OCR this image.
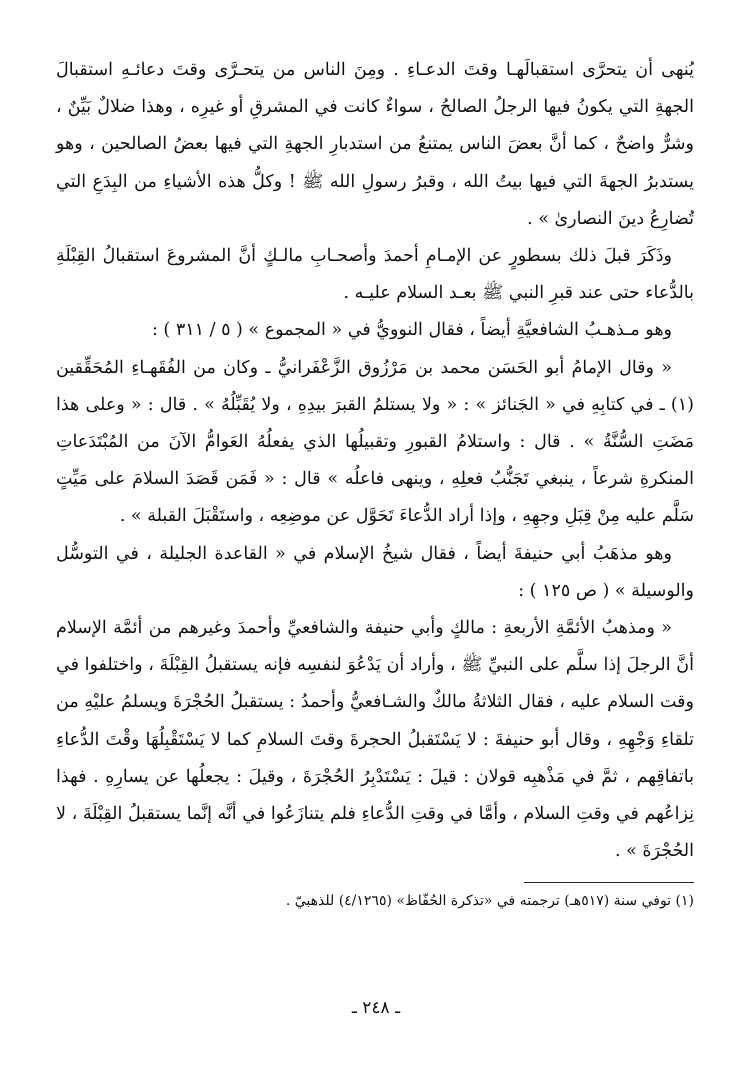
يُنهى أن يتحرَّى استقبالَهـا وقتَ الدعـاءِ . ومِنَ الناس من يتحـرَّى وقتَ دعائـهِ استقبالَ الجهةِ التي يكونُ فيها الرجلُ الصالحُ ، سواءٌ كانت في المشرقِ أو غيرِه ، وهذا ضلالٌ بَيِّنٌ ، وشرٌّ واضحٌ ، كما أنَّ بعضَ الناس يمتنعُ من استدبارِ الجهةِ التي فيها بعضُ الصالحين ، وهو يستدبرُ الجهةَ التي فيها بيتُ الله ، وقبرُ رسولِ الله ﷺ ! وكلُّ هذه الأشياءِ من البِدَعِ التي تُضارِعُ دينَ النصارىٰ » .

وذَكَرَ قبلَ ذلك بسطورٍ عن الإمـامِ أحمدَ وأصحـابِ مالـكٍ أنَّ المشروعَ استقبالُ القِبْلَةِ بالدُّعاء حتى عند قبرِ النبي ﷺ بعـد السلام عليـه .

وهو مـذهـبُ الشافعيَّةِ أيضاً ، فقال النوويُّ في « المجموع » ( ٥ / ٣١١ ) :

« وقال الإمامُ أبو الحَسَن محمد بن مَرْزُوق الزَّعْفَرانيُّ ـ وكان من الفُقَهـاءِ المُحَقِّقين (١) ـ في كتابِهِ في « الجَنائز » : « ولا يستلمُ القبرَ بيدِهِ ، ولا يُقَبِّلُهُ » . قال : « وعلى هذا مَضَتِ السُّنَّةُ » . قال : واستلامُ القبورِ وتقبيلُها الذي يفعلُهُ العَوامُّ الآنَ من المُبْتَدَعاتِ المنكرةِ شرعاً ، ينبغي تَجَنُّبُ فعلِهِ ، وينهى فاعلُه » قال : « فَمَن قَصَدَ السلامَ على مَيِّتٍ سَلَّم عليه مِنْ قِبَلِ وجهِهِ ، وإذا أراد الدُّعاءَ تَحَوَّل عن موضِعِه ، واستَقْبَلَ القبلة » .

وهو مذهَبُ أبي حنيفةَ أيضاً ، فقال شيخُ الإسلام في « القاعدة الجليلة ، في التوسُّل والوسيلة » ( ص ١٢٥ ) :

« ومذهبُ الأئمَّةِ الأربعةِ : مالكٍ وأبي حنيفة والشافعيِّ وأحمدَ وغيرهم من أئمَّة الإسلام أنَّ الرجلَ إذا سلَّم على النبيِّ ﷺ ، وأراد أن يَدْعُوَ لنفسِه فإنه يستقبلُ القِبْلَةَ ، واختلفوا في وقت السلام عليه ، فقال الثلاثةُ مالكٌ والشـافعيُّ وأحمدُ : يستقبلُ الحُجْرَةَ ويسلمُ عليْهِ من تلقاءِ وَجْهِهِ ، وقال أبو حنيفةَ : لا يَسْتَقبلُ الحجرةَ وقتَ السلامِ كما لا يَسْتَقْبِلُهَا وقْتَ الدُّعاءِ باتفاقِهم ، ثمَّ في مَذْهبِه قولان : قيلَ : يَسْتَدْبِرُ الحُجْرَةَ ، وقيلَ : يجعلُها عن يسارِهِ . فهذا نِزاعُهم في وقتِ السلام ، وأمَّا في وقتِ الدُّعاءِ فلم يتنازَعُوا في أنَّه إنَّما يستقبلُ القِبْلَةَ ، لا الحُجْرَةَ » .

(١) توفي سنة (٥١٧هـ) ترجمته في «تذكرة الحُفّاظ» (٤/١٢٦٥) للذهبيّ .
ـ ٢٤٨ ـ
